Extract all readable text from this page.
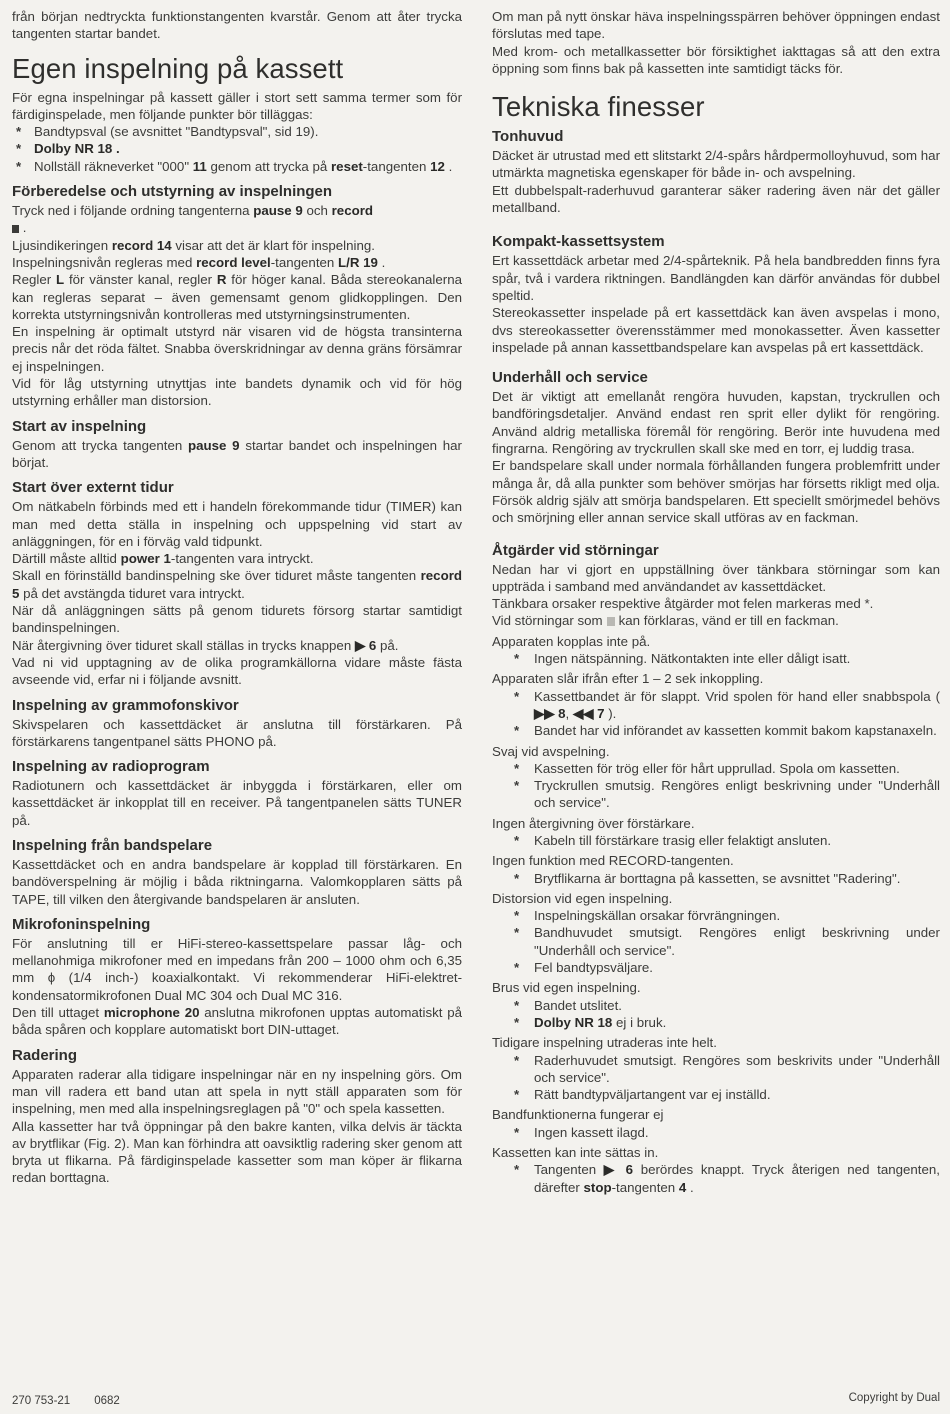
från början nedtryckta funktionstangenten kvarstår. Genom att åter trycka tangenten startar bandet.

Egen inspelning på kassett

För egna inspelningar på kassett gäller i stort sett samma termer som för färdiginspelade, men följande punkter bör tilläggas:

* Bandtypsval (se avsnittet "Bandtypsval", sid 19).
* Dolby NR 18 .
* Nollställ räkneverket "000" 11 genom att trycka på reset-tangenten 12 .
Förberedelse och utstyrning av inspelningen

Tryck ned i följande ordning tangenterna pause 9 och record
.

Ljusindikeringen record 14 visar att det är klart för inspelning.

Inspelningsnivån regleras med record level-tangenten L/R 19 .

Regler L för vänster kanal, regler R för höger kanal. Båda stereokanalerna kan regleras separat – även gemensamt genom glidkopplingen. Den korrekta utstyrningsnivån kontrolleras med utstyrningsinstrumenten.

En inspelning är optimalt utstyrd när visaren vid de högsta transinterna precis når det röda fältet. Snabba överskridningar av denna gräns försämrar ej inspelningen.

Vid för låg utstyrning utnyttjas inte bandets dynamik och vid för hög utstyrning erhåller man distorsion.

Start av inspelning

Genom att trycka tangenten pause 9 startar bandet och inspelningen har börjat.

Start över externt tidur

Om nätkabeln förbinds med ett i handeln förekommande tidur (TIMER) kan man med detta ställa in inspelning och uppspelning vid start av anläggningen, för en i förväg vald tidpunkt.

Därtill måste alltid power 1-tangenten vara intryckt.

Skall en förinställd bandinspelning ske över tiduret måste tangenten record 5 på det avstängda tiduret vara intryckt.

När då anläggningen sätts på genom tidurets försorg startar samtidigt bandinspelningen.

När återgivning över tiduret skall ställas in trycks knappen ▶ 6 på.

Vad ni vid upptagning av de olika programkällorna vidare måste fästa avseende vid, erfar ni i följande avsnitt.

Inspelning av grammofonskivor

Skivspelaren och kassettdäcket är anslutna till förstärkaren. På förstärkarens tangentpanel sätts PHONO på.

Inspelning av radioprogram

Radiotunern och kassettdäcket är inbyggda i förstärkaren, eller om kassettdäcket är inkopplat till en receiver. På tangentpanelen sätts TUNER på.

Inspelning från bandspelare

Kassettdäcket och en andra bandspelare är kopplad till förstärkaren. En bandöverspelning är möjlig i båda riktningarna. Valomkopplaren sätts på TAPE, till vilken den återgivande bandspelaren är ansluten.

Mikrofoninspelning

För anslutning till er HiFi-stereo-kassettspelare passar låg- och mellanohmiga mikrofoner med en impedans från 200 – 1000 ohm och 6,35 mm ϕ (1/4 inch-) koaxialkontakt. Vi rekommenderar HiFi-elektret-kondensatormikrofonen Dual MC 304 och Dual MC 316.

Den till uttaget microphone 20 anslutna mikrofonen upptas automatiskt på båda spåren och kopplare automatiskt bort DIN-uttaget.

Radering

Apparaten raderar alla tidigare inspelningar när en ny inspelning görs. Om man vill radera ett band utan att spela in nytt ställ apparaten som för inspelning, men med alla inspelningsreglagen på "0" och spela kassetten.

Alla kassetter har två öppningar på den bakre kanten, vilka delvis är täckta av brytflikar (Fig. 2). Man kan förhindra att oavsiktlig radering sker genom att bryta ut flikarna. På färdiginspelade kassetter som man köper är flikarna redan borttagna.

Om man på nytt önskar häva inspelningsspärren behöver öppningen endast förslutas med tape.

Med krom- och metallkassetter bör försiktighet iakttagas så att den extra öppning som finns bak på kassetten inte samtidigt täcks för.

Tekniska finesser
Tonhuvud

Däcket är utrustad med ett slitstarkt 2/4-spårs hårdpermolloyhuvud, som har utmärkta magnetiska egenskaper för både in- och avspelning.

Ett dubbelspalt-raderhuvud garanterar säker radering även när det gäller metallband.

Kompakt-kassettsystem

Ert kassettdäck arbetar med 2/4-spårteknik. På hela bandbredden finns fyra spår, två i vardera riktningen. Bandlängden kan därför användas för dubbel speltid.

Stereokassetter inspelade på ert kassettdäck kan även avspelas i mono, dvs stereokassetter överensstämmer med monokassetter. Även kassetter inspelade på annan kassettbandspelare kan avspelas på ert kassettdäck.

Underhåll och service

Det är viktigt att emellanåt rengöra huvuden, kapstan, tryckrullen och bandföringsdetaljer. Använd endast ren sprit eller dylikt för rengöring. Använd aldrig metalliska föremål för rengöring. Berör inte huvudena med fingrarna. Rengöring av tryckrullen skall ske med en torr, ej luddig trasa.

Er bandspelare skall under normala förhållanden fungera problemfritt under många år, då alla punkter som behöver smörjas har försetts rikligt med olja. Försök aldrig själv att smörja bandspelaren. Ett speciellt smörjmedel behövs och smörjning eller annan service skall utföras av en fackman.

Åtgärder vid störningar

Nedan har vi gjort en uppställning över tänkbara störningar som kan uppträda i samband med användandet av kassettdäcket.

Tänkbara orsaker respektive åtgärder mot felen markeras med *.

Vid störningar som kan förklaras, vänd er till en fackman.

Apparaten kopplas inte på.

* Ingen nätspänning. Nätkontakten inte eller dåligt isatt.

Apparaten slår ifrån efter 1 – 2 sek inkoppling.

* Kassettbandet är för slappt. Vrid spolen för hand eller snabbspola ( ▶▶ 8, ◀◀ 7 ).
* Bandet har vid införandet av kassetten kommit bakom kapstanaxeln.

Svaj vid avspelning.

* Kassetten för trög eller för hårt upprullad. Spola om kassetten.
* Tryckrullen smutsig. Rengöres enligt beskrivning under "Underhåll och service".

Ingen återgivning över förstärkare.

* Kabeln till förstärkare trasig eller felaktigt ansluten.

Ingen funktion med RECORD-tangenten.

* Brytflikarna är borttagna på kassetten, se avsnittet "Radering".

Distorsion vid egen inspelning.

* Inspelningskällan orsakar förvrängningen.
* Bandhuvudet smutsigt. Rengöres enligt beskrivning under "Underhåll och service".
* Fel bandtypsväljare.

Brus vid egen inspelning.

* Bandet utslitet.
* Dolby NR 18 ej i bruk.

Tidigare inspelning utraderas inte helt.

* Raderhuvudet smutsigt. Rengöres som beskrivits under "Underhåll och service".
* Rätt bandtypväljartangent var ej inställd.

Bandfunktionerna fungerar ej

* Ingen kassett ilagd.

Kassetten kan inte sättas in.

* Tangenten ▶ 6 berördes knappt. Tryck återigen ned tangenten, därefter stop-tangenten 4 .
270 753-21 0682	Copyright by Dual
